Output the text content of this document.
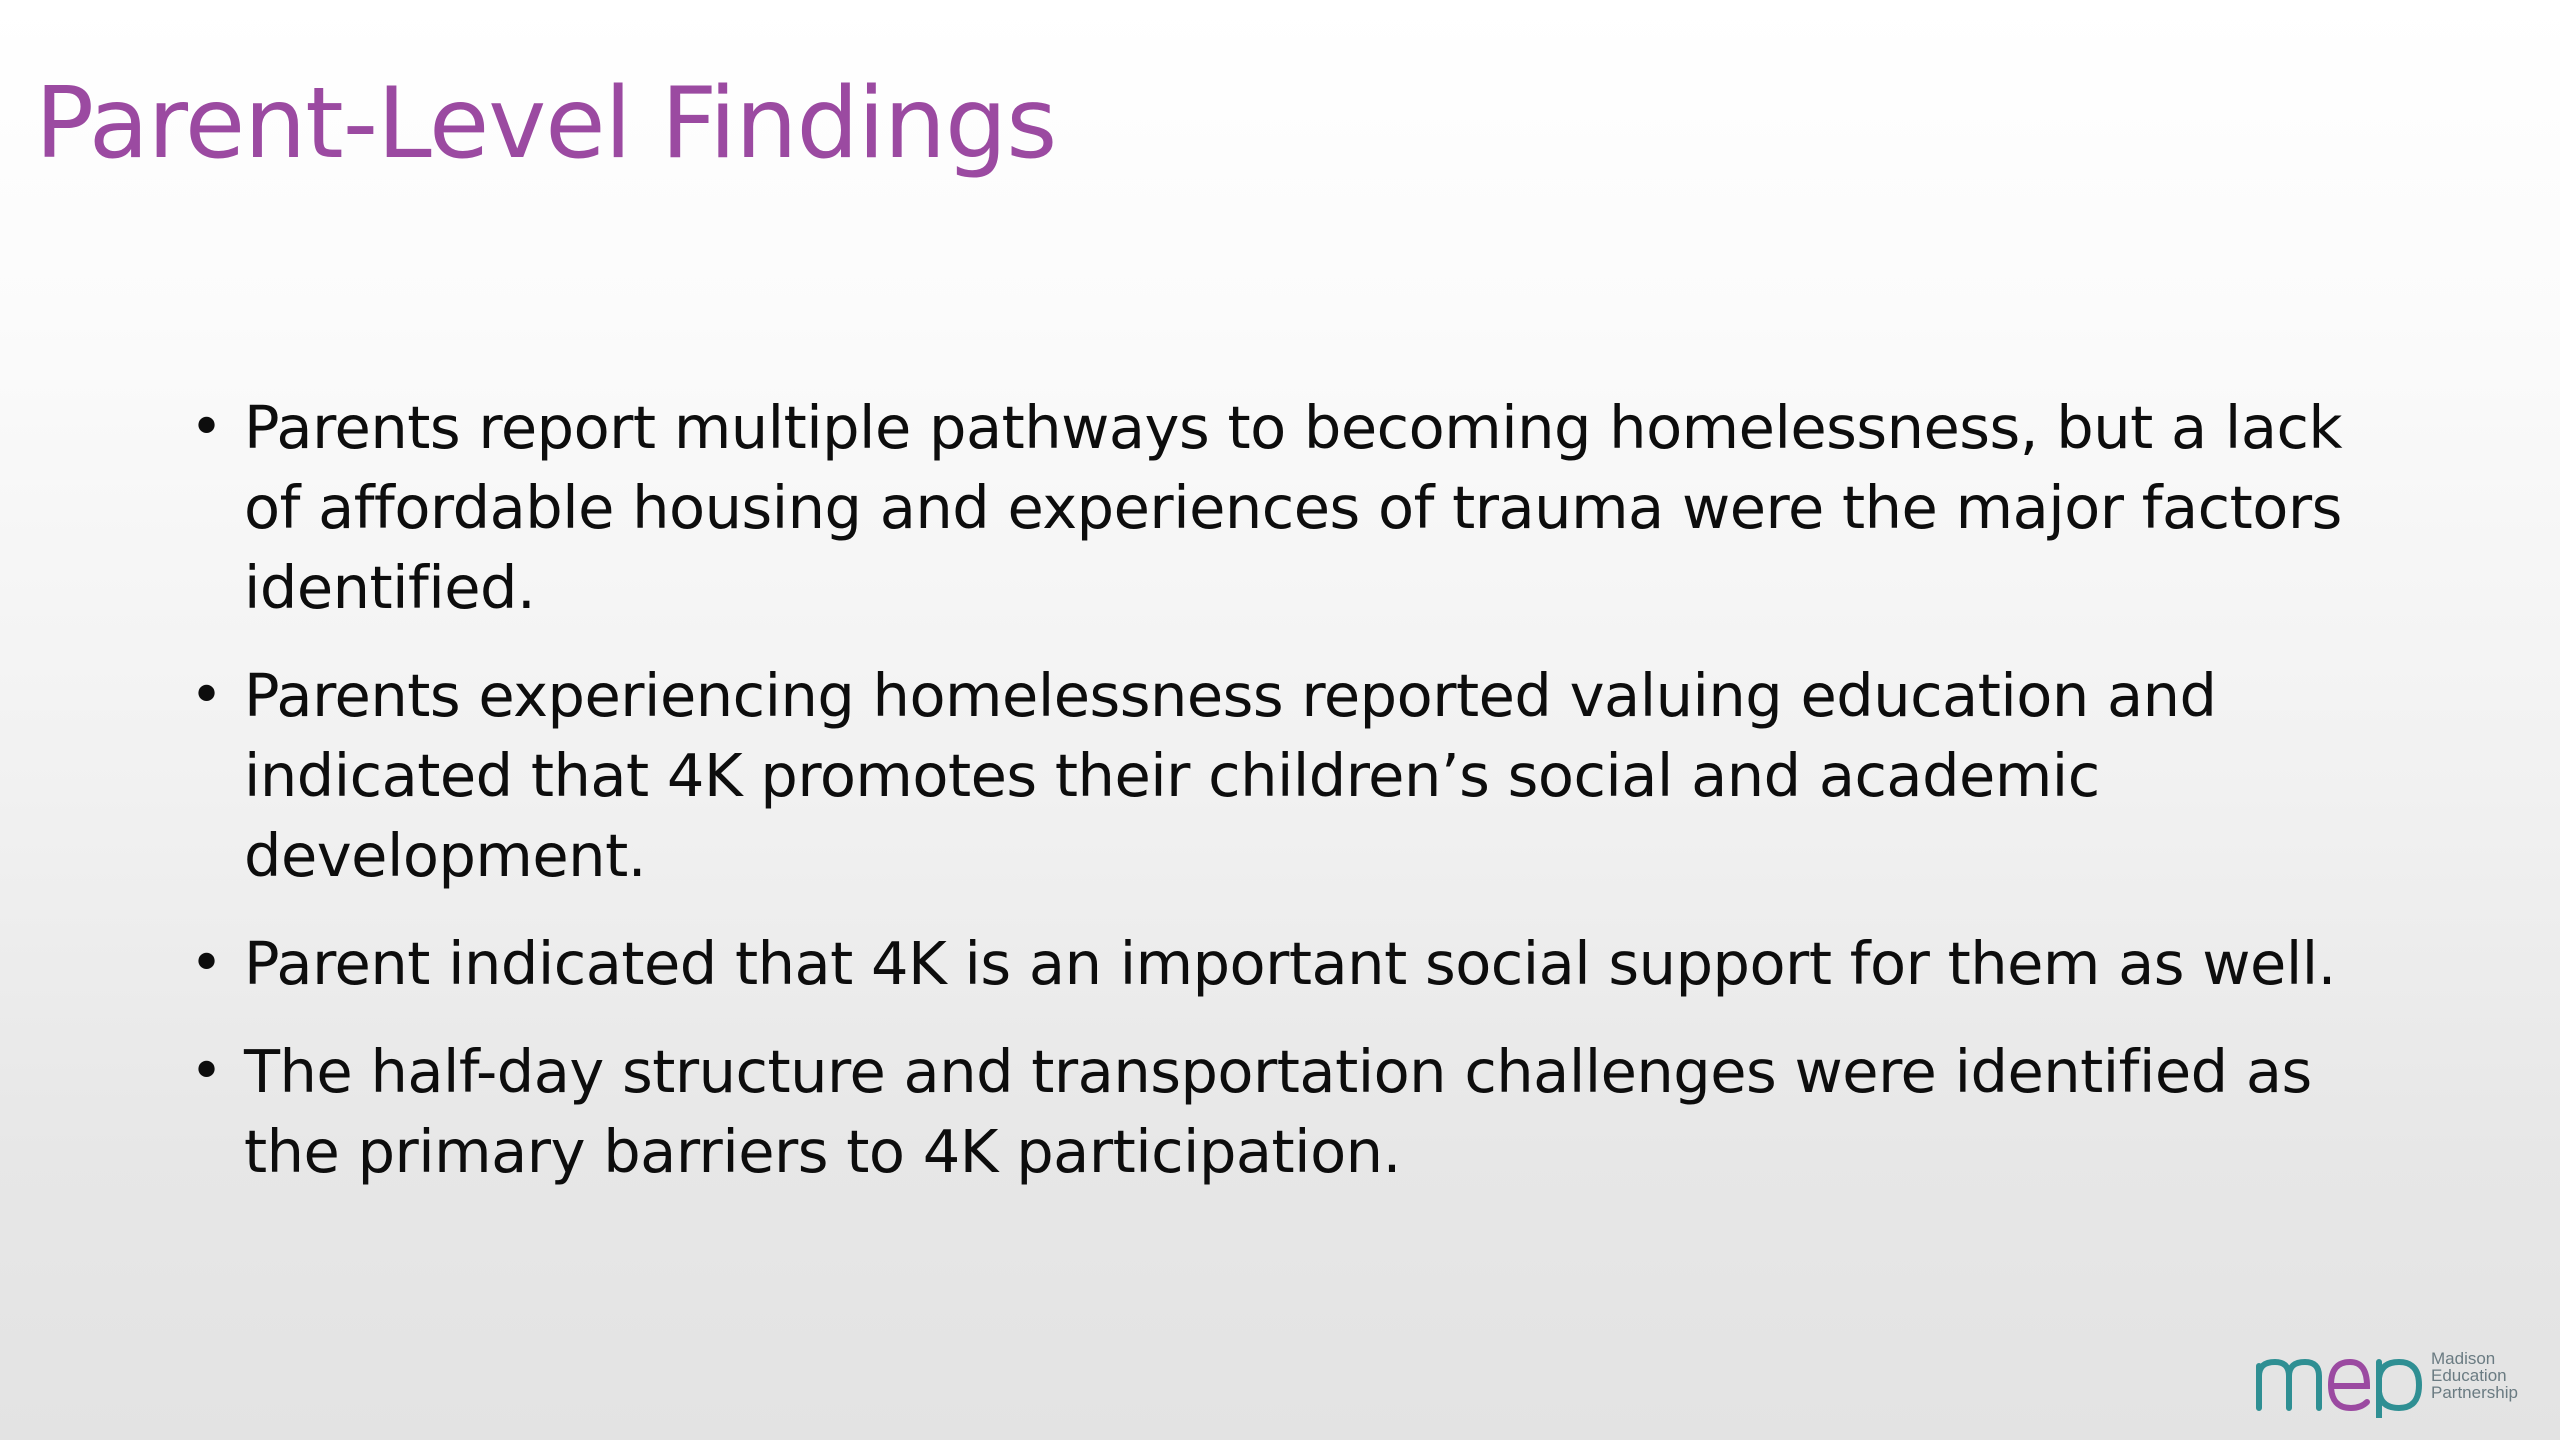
Parent-Level Findings
• Parents report multiple pathways to becoming homelessness, but a lack of affordable housing and experiences of trauma were the major factors identified.
• Parents experiencing homelessness reported valuing education and indicated that 4K promotes their children’s social and academic development.
• Parent indicated that 4K is an important social support for them as well.
• The half-day structure and transportation challenges were identified as the primary barriers to 4K participation.
Madison
Education
Partnership
